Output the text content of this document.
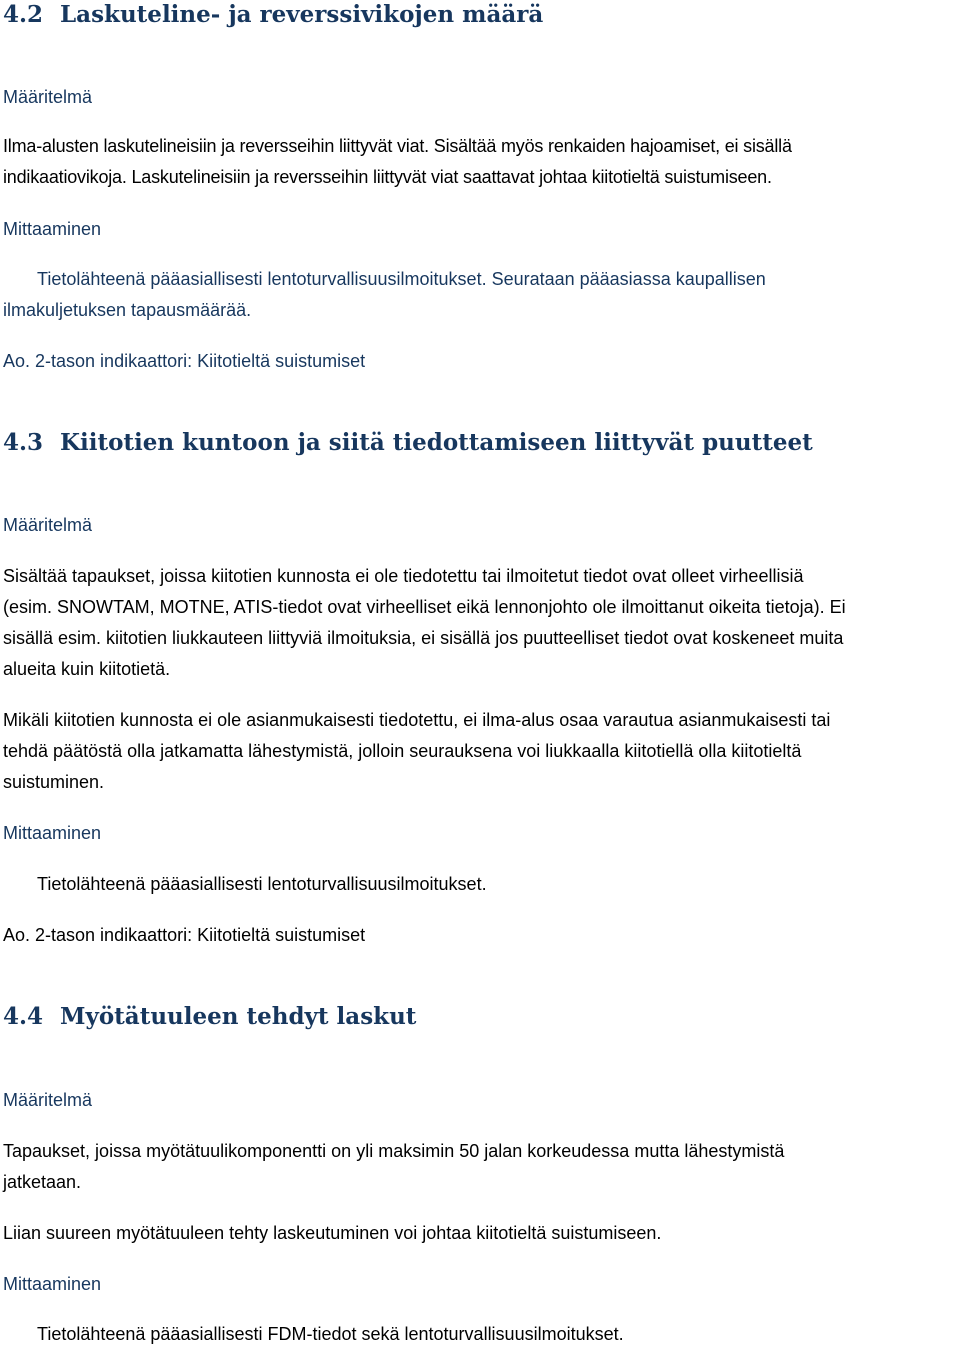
4.2 Laskuteline- ja reverssivikojen määrä
Määritelmä
Ilma-alusten laskutelineisiin ja reversseihin liittyvät viat. Sisältää myös renkaiden hajoamiset, ei sisällä
indikaatiovikoja. Laskutelineisiin ja reversseihin liittyvät viat saattavat johtaa kiitotieltä suistumiseen.
Mittaaminen
Tietolähteenä pääasiallisesti lentoturvallisuusilmoitukset. Seurataan pääasiassa kaupallisen
ilmakuljetuksen tapausmäärää.
Ao. 2-tason indikaattori: Kiitotieltä suistumiset
4.3 Kiitotien kuntoon ja siitä tiedottamiseen liittyvät puutteet
Määritelmä
Sisältää tapaukset, joissa kiitotien kunnosta ei ole tiedotettu tai ilmoitetut tiedot ovat olleet virheellisiä
(esim. SNOWTAM, MOTNE, ATIS-tiedot ovat virheelliset eikä lennonjohto ole ilmoittanut oikeita tietoja). Ei
sisällä esim. kiitotien liukkauteen liittyviä ilmoituksia, ei sisällä jos puutteelliset tiedot ovat koskeneet muita
alueita kuin kiitotietä.
Mikäli kiitotien kunnosta ei ole asianmukaisesti tiedotettu, ei ilma-alus osaa varautua asianmukaisesti tai
tehdä päätöstä olla jatkamatta lähestymistä, jolloin seurauksena voi liukkaalla kiitotiellä olla kiitotieltä
suistuminen.
Mittaaminen
Tietolähteenä pääasiallisesti lentoturvallisuusilmoitukset.
Ao. 2-tason indikaattori: Kiitotieltä suistumiset
4.4 Myötätuuleen tehdyt laskut
Määritelmä
Tapaukset, joissa myötätuulikomponentti on yli maksimin 50 jalan korkeudessa mutta lähestymistä
jatketaan.
Liian suureen myötätuuleen tehty laskeutuminen voi johtaa kiitotieltä suistumiseen.
Mittaaminen
Tietolähteenä pääasiallisesti FDM-tiedot sekä lentoturvallisuusilmoitukset.
